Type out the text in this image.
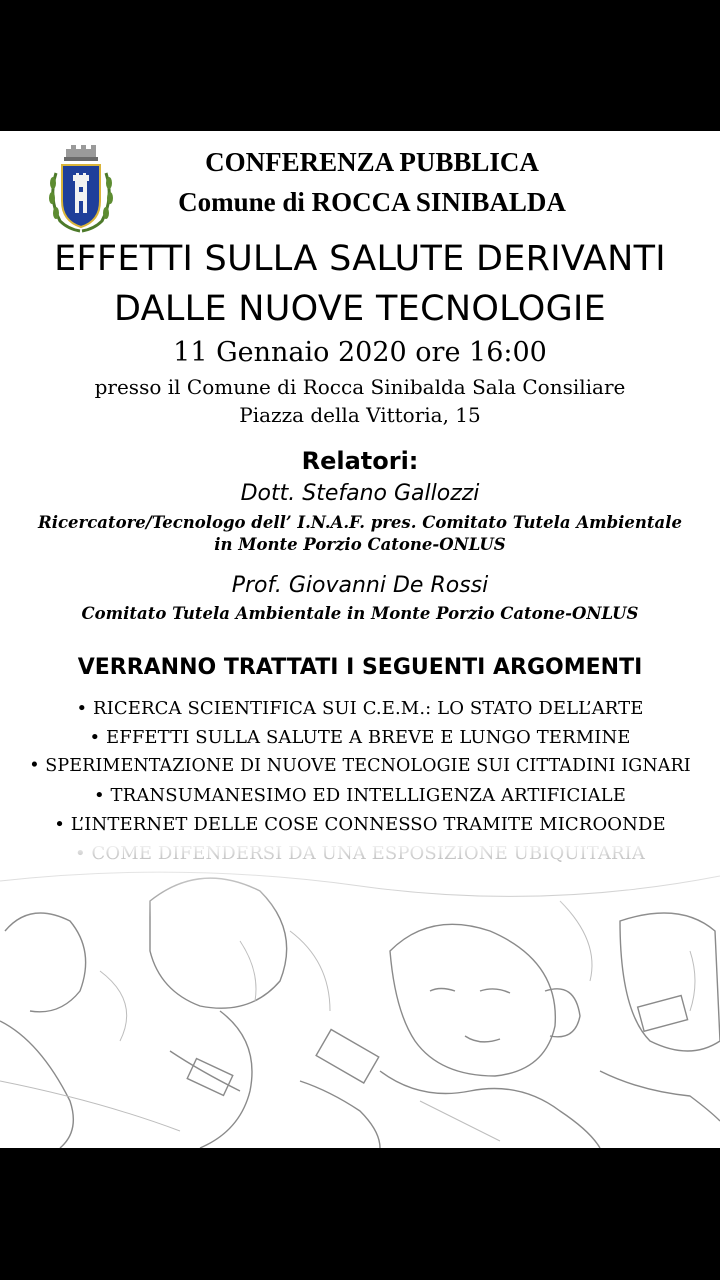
CONFERENZA PUBBLICA
Comune di ROCCA SINIBALDA
EFFETTI SULLA SALUTE DERIVANTI
DALLE NUOVE TECNOLOGIE
11 Gennaio 2020 ore 16:00
presso il Comune di Rocca Sinibalda Sala Consiliare
Piazza della Vittoria, 15
Relatori:
Dott. Stefano Gallozzi
Ricercatore/Tecnologo dell’ I.N.A.F. pres. Comitato Tutela Ambientale
in Monte Porzio Catone-ONLUS
Prof. Giovanni De Rossi
Comitato Tutela Ambientale in Monte Porzio Catone-ONLUS
VERRANNO TRATTATI I SEGUENTI ARGOMENTI
• RICERCA SCIENTIFICA SUI C.E.M.: LO STATO DELL’ARTE
• EFFETTI SULLA SALUTE A BREVE E LUNGO TERMINE
• SPERIMENTAZIONE DI NUOVE TECNOLOGIE SUI CITTADINI IGNARI
• TRANSUMANESIMO ED INTELLIGENZA ARTIFICIALE
• L’INTERNET DELLE COSE CONNESSO TRAMITE MICROONDE
